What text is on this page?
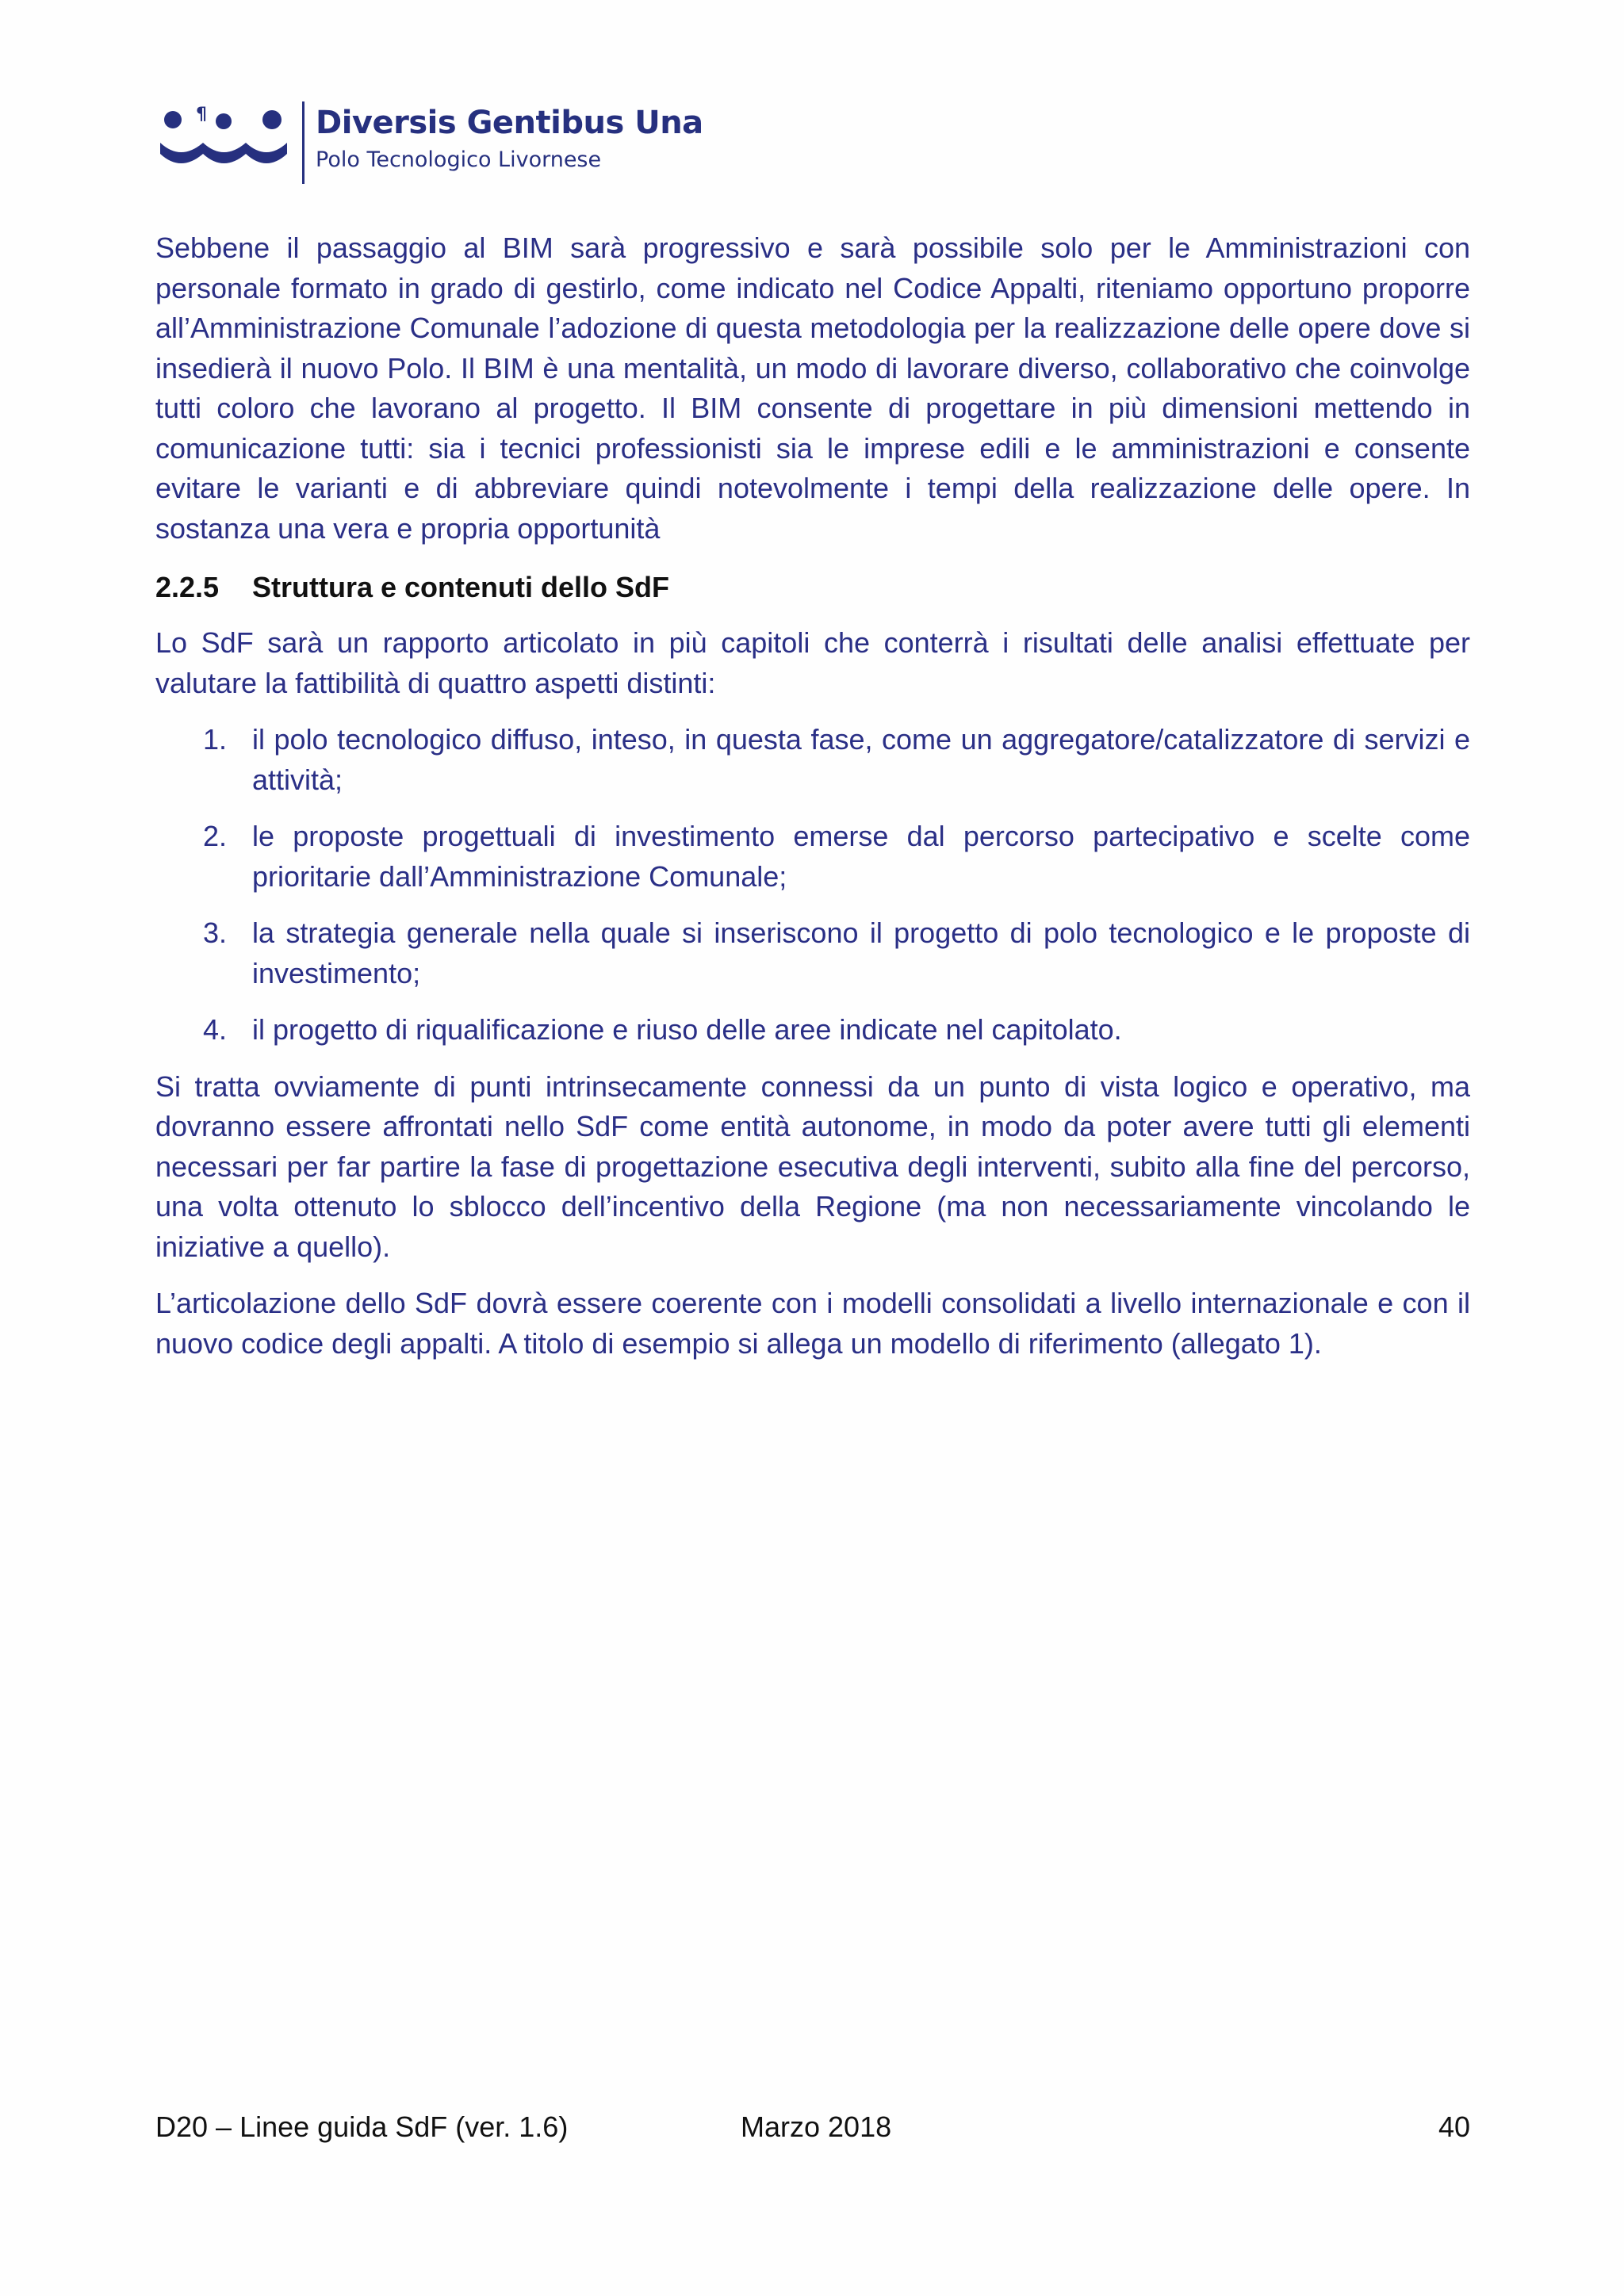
¶	Diversis Gentibus Una
Polo Tecnologico Livornese

Sebbene il passaggio al BIM sarà progressivo e sarà possibile solo per le Amministrazioni con personale formato in grado di gestirlo, come indicato nel Codice Appalti, riteniamo opportuno proporre all’Amministrazione Comunale l’adozione di questa metodologia per la realizzazione delle opere dove si insedierà il nuovo Polo. Il BIM è una mentalità, un modo di lavorare diverso, collaborativo che coinvolge tutti coloro che lavorano al progetto. Il BIM consente di progettare in più dimensioni mettendo in comunicazione tutti: sia i tecnici professionisti sia le imprese edili e le amministrazioni e consente evitare le varianti e di abbreviare quindi notevolmente i tempi della realizzazione delle opere. In sostanza una vera e propria opportunità

2.2.5 Struttura e contenuti dello SdF

Lo SdF sarà un rapporto articolato in più capitoli che conterrà i risultati delle analisi effettuate per valutare la fattibilità di quattro aspetti distinti:

1. il polo tecnologico diffuso, inteso, in questa fase, come un aggregatore/catalizzatore di servizi e attività;
2. le proposte progettuali di investimento emerse dal percorso partecipativo e scelte come prioritarie dall’Amministrazione Comunale;
3. la strategia generale nella quale si inseriscono il progetto di polo tecnologico e le proposte di investimento;
4. il progetto di riqualificazione e riuso delle aree indicate nel capitolato.

Si tratta ovviamente di punti intrinsecamente connessi da un punto di vista logico e operativo, ma dovranno essere affrontati nello SdF come entità autonome, in modo da poter avere tutti gli elementi necessari per far partire la fase di progettazione esecutiva degli interventi, subito alla fine del percorso, una volta ottenuto lo sblocco dell’incentivo della Regione (ma non necessariamente vincolando le iniziative a quello).

L’articolazione dello SdF dovrà essere coerente con i modelli consolidati a livello internazionale e con il nuovo codice degli appalti. A titolo di esempio si allega un modello di riferimento (allegato 1).

D20 – Linee guida SdF (ver. 1.6)	Marzo 2018	40
